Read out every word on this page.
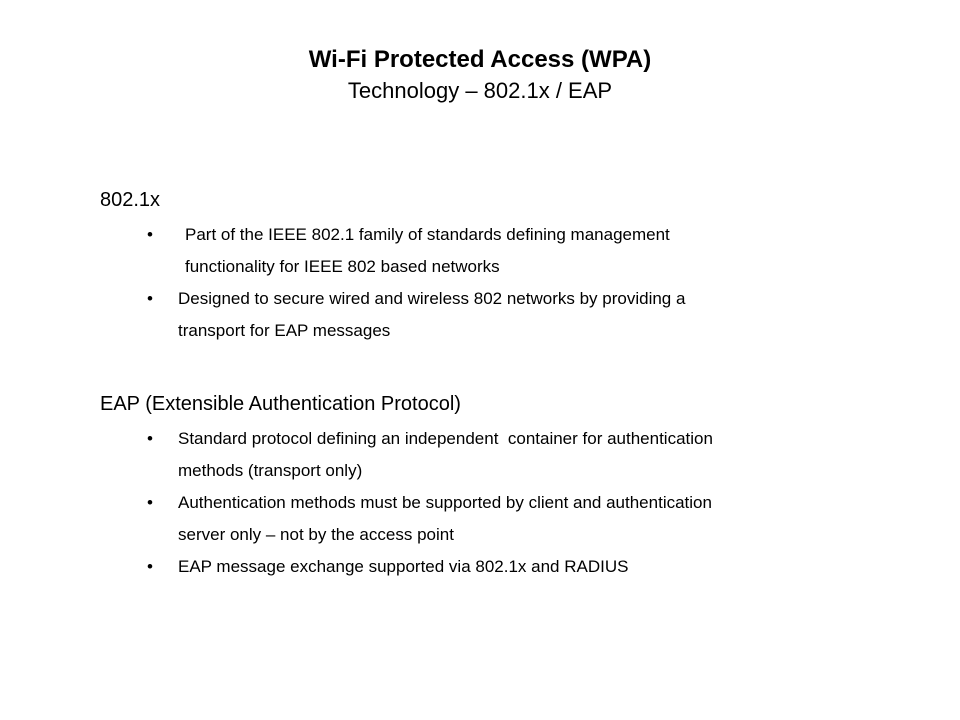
Wi-Fi Protected Access (WPA)
Technology – 802.1x / EAP
802.1x
• Part of the IEEE 802.1 family of standards defining management
functionality for IEEE 802 based networks
• Designed to secure wired and wireless 802 networks by providing a
transport for EAP messages
EAP (Extensible Authentication Protocol)
• Standard protocol defining an independent  container for authentication
methods (transport only)
• Authentication methods must be supported by client and authentication
server only – not by the access point
• EAP message exchange supported via 802.1x and RADIUS
